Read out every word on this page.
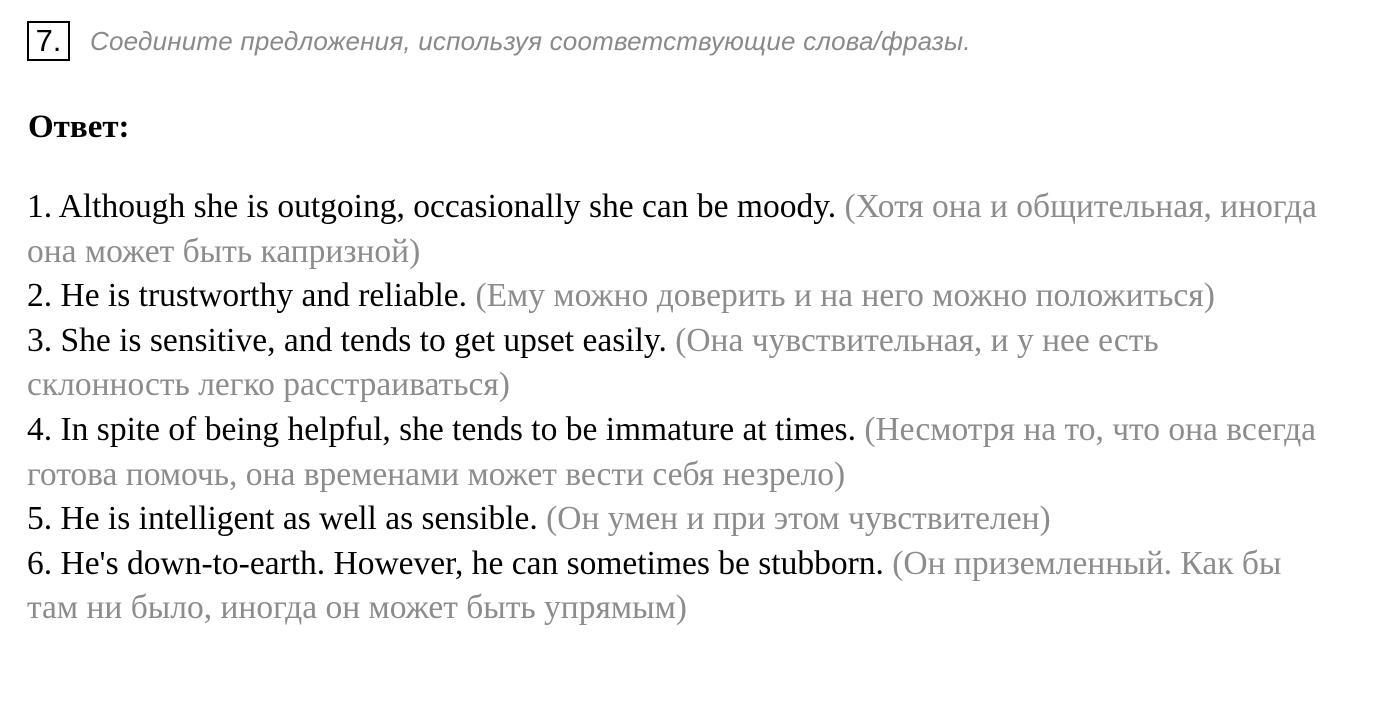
7.	Соедините предложения, используя соответствующие слова/фразы.
Ответ:
1. Although she is outgoing, occasionally she can be moody. (Хотя она и общительная, иногда она может быть капризной)
2. He is trustworthy and reliable. (Ему можно доверить и на него можно положиться)
3. She is sensitive, and tends to get upset easily. (Она чувствительная, и у нее есть склонность легко расстраиваться)
4. In spite of being helpful, she tends to be immature at times. (Несмотря на то, что она всегда готова помочь, она временами может вести себя незрело)
5. He is intelligent as well as sensible. (Он умен и при этом чувствителен)
6. He's down-to-earth. However, he can sometimes be stubborn. (Он приземленный. Как бы там ни было, иногда он может быть упрямым)
